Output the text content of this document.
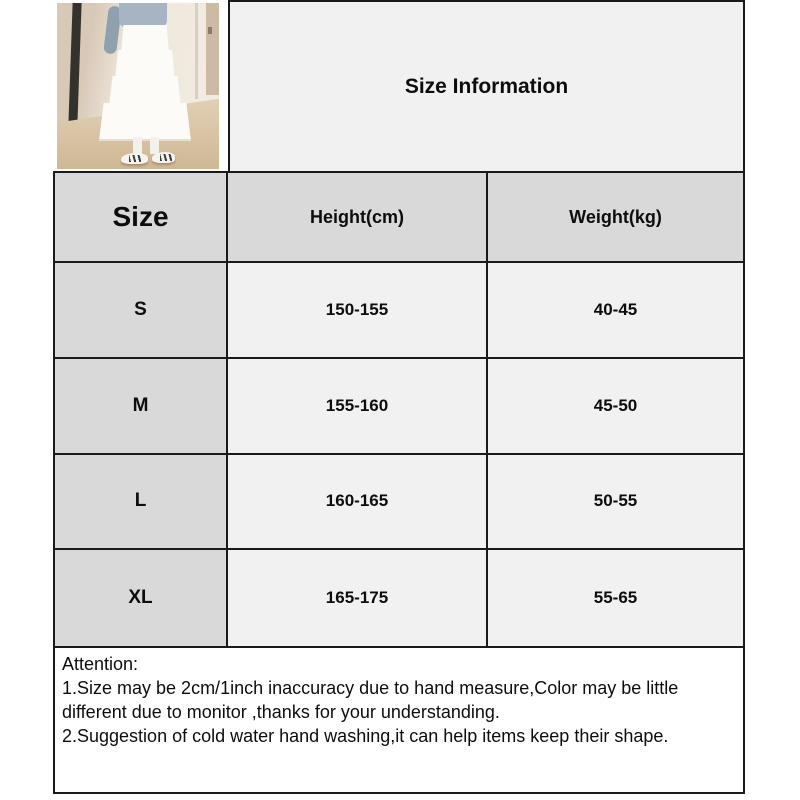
Size Information
Size	Height(cm)	Weight(kg)
S	150-155	40-45
M	155-160	45-50
L	160-165	50-55
XL	165-175	55-65

Attention:

1.Size may be 2cm/1inch inaccuracy due to hand measure,Color may be little different due to monitor ,thanks for your understanding.

2.Suggestion of cold water hand washing,it can help items keep their shape.
